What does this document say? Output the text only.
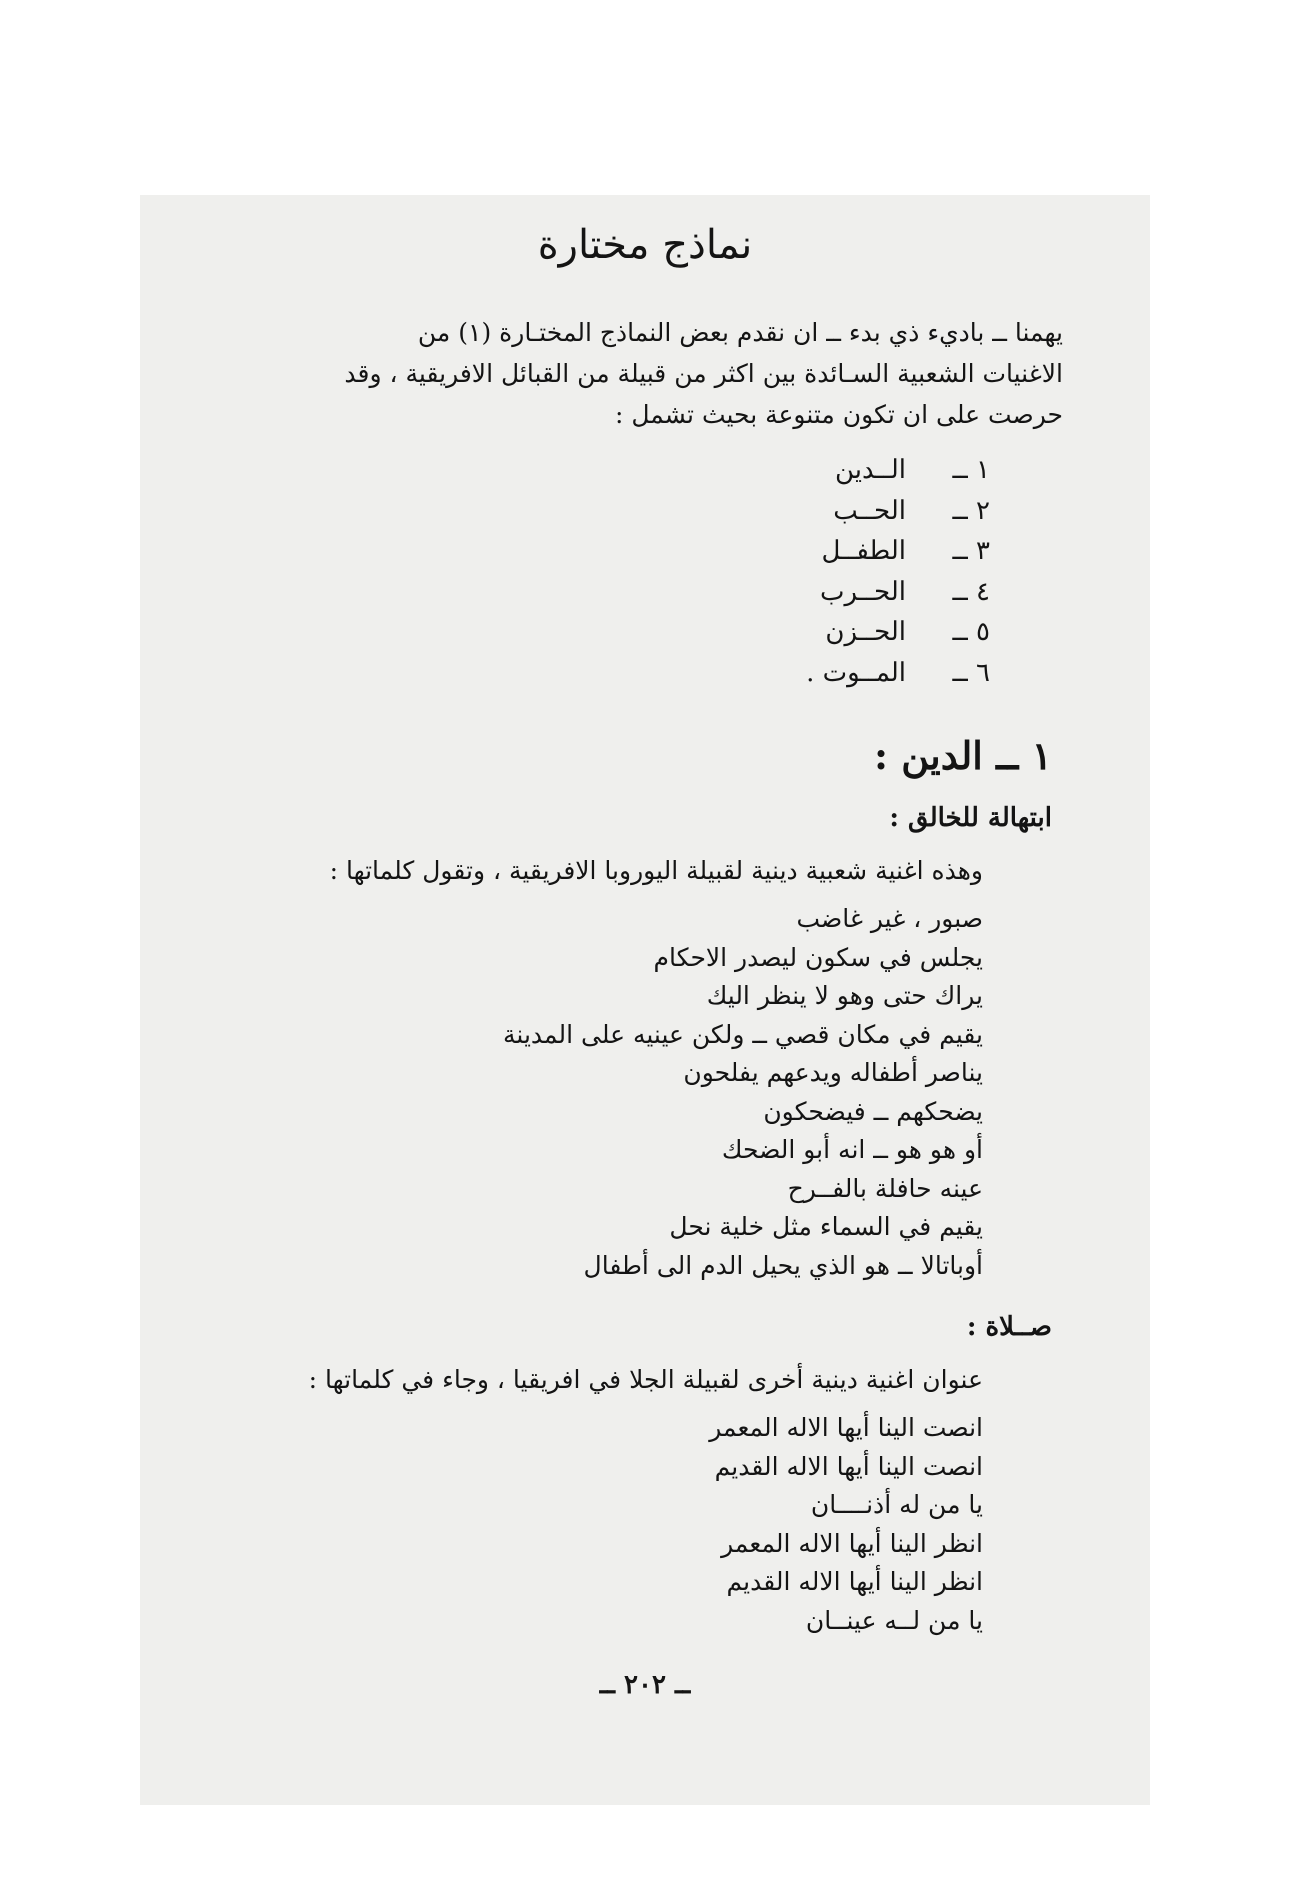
نماذج مختارة
يهمنا ــ باديء ذي بدء ــ ان نقدم بعض النماذج المختـارة (١) من
الاغنيات الشعبية السـائدة بين اكثر من قبيلة من القبائل الافريقية ، وقد
حرصت على ان تكون متنوعة بحيث تشمل :
١ ــ
الــدين
٢ ــ
الحــب
٣ ــ
الطفــل
٤ ــ
الحــرب
٥ ــ
الحــزن
٦ ــ
المــوت .
١ ــ الدين :
ابتهالة للخالق :
وهذه اغنية شعبية دينية لقبيلة اليوروبا الافريقية ، وتقول كلماتها :
صبور ، غير غاضب
يجلس في سكون ليصدر الاحكام
يراك حتى وهو لا ينظر اليك
يقيم في مكان قصي ــ ولكن عينيه على المدينة
يناصر أطفاله ويدعهم يفلحون
يضحكهم ــ فيضحكون
أو هو هو ــ انه أبو الضحك
عينه حافلة بالفــرح
يقيم في السماء مثل خلية نحل
أوباتالا ــ هو الذي يحيل الدم الى أطفال
صــلاة :
عنوان اغنية دينية أخرى لقبيلة الجلا في افريقيا ، وجاء في كلماتها :
انصت الينا أيها الاله المعمر
انصت الينا أيها الاله القديم
يا من له أذنــــان
انظر الينا أيها الاله المعمر
انظر الينا أيها الاله القديم
يا من لــه عينــان
ــ ٢٠٢ ــ
